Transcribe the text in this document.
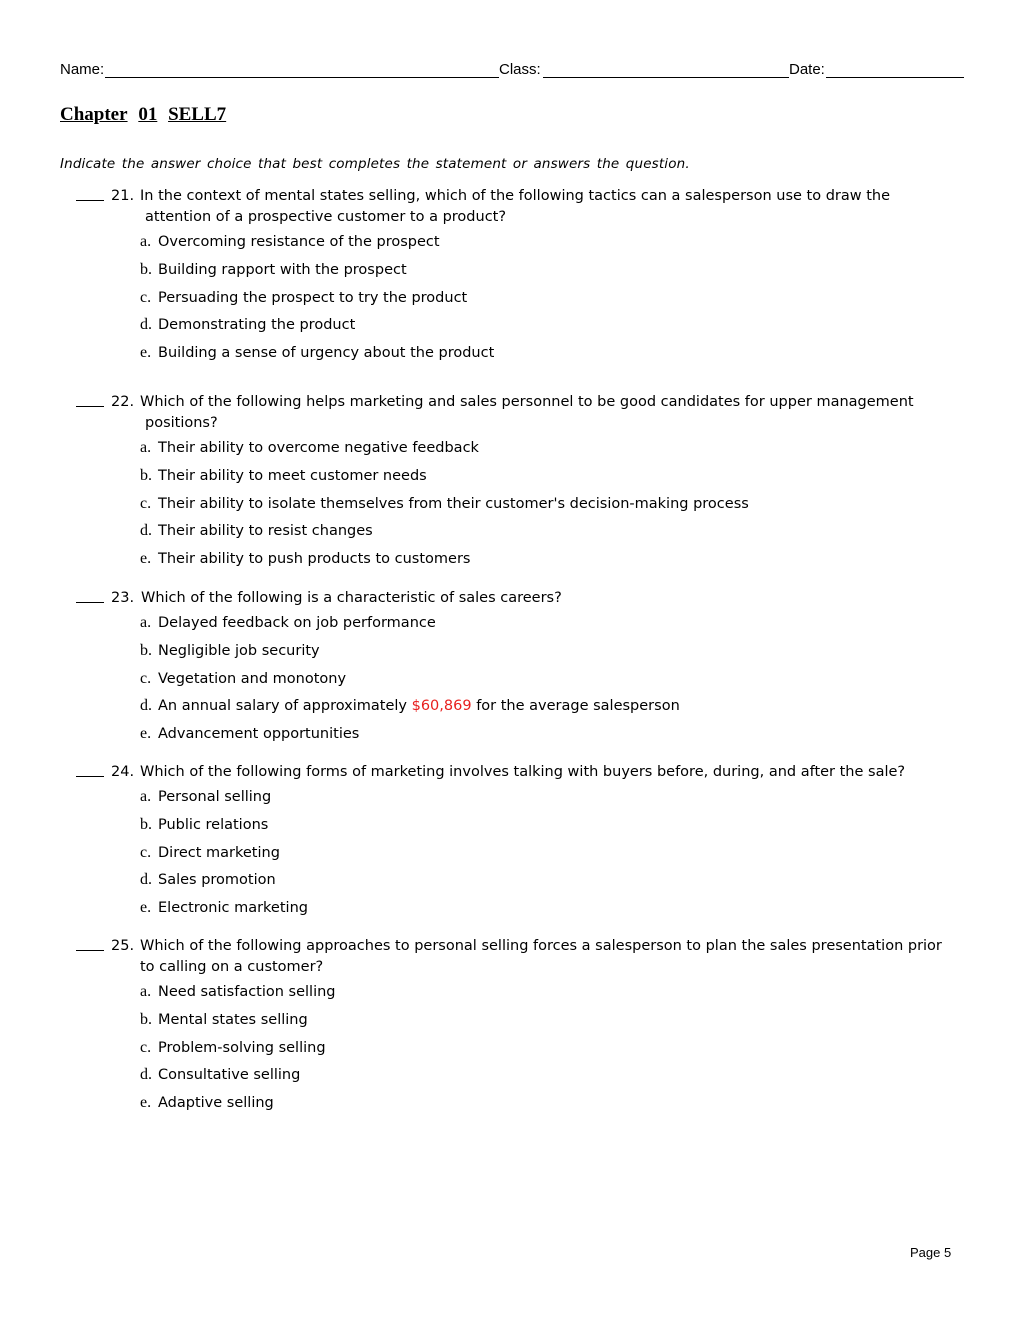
Name:	Class:	Date:
Chapter 01 SELL7
Indicate the answer choice that best completes the statement or answers the question.
21. In the context of mental states selling, which of the following tactics can a salesperson use to draw the attention of a prospective customer to a product?
a. Overcoming resistance of the prospect
b. Building rapport with the prospect
c. Persuading the prospect to try the product
d. Demonstrating the product
e. Building a sense of urgency about the product
22. Which of the following helps marketing and sales personnel to be good candidates for upper management positions?
a. Their ability to overcome negative feedback
b. Their ability to meet customer needs
c. Their ability to isolate themselves from their customer's decision-making process
d. Their ability to resist changes
e. Their ability to push products to customers
23. Which of the following is a characteristic of sales careers?
a. Delayed feedback on job performance
b. Negligible job security
c. Vegetation and monotony
d. An annual salary of approximately $60,869 for the average salesperson
e. Advancement opportunities
24. Which of the following forms of marketing involves talking with buyers before, during, and after the sale?
a. Personal selling
b. Public relations
c. Direct marketing
d. Sales promotion
e. Electronic marketing
25. Which of the following approaches to personal selling forces a salesperson to plan the sales presentation prior to calling on a customer?
a. Need satisfaction selling
b. Mental states selling
c. Problem-solving selling
d. Consultative selling
e. Adaptive selling
Page 5
